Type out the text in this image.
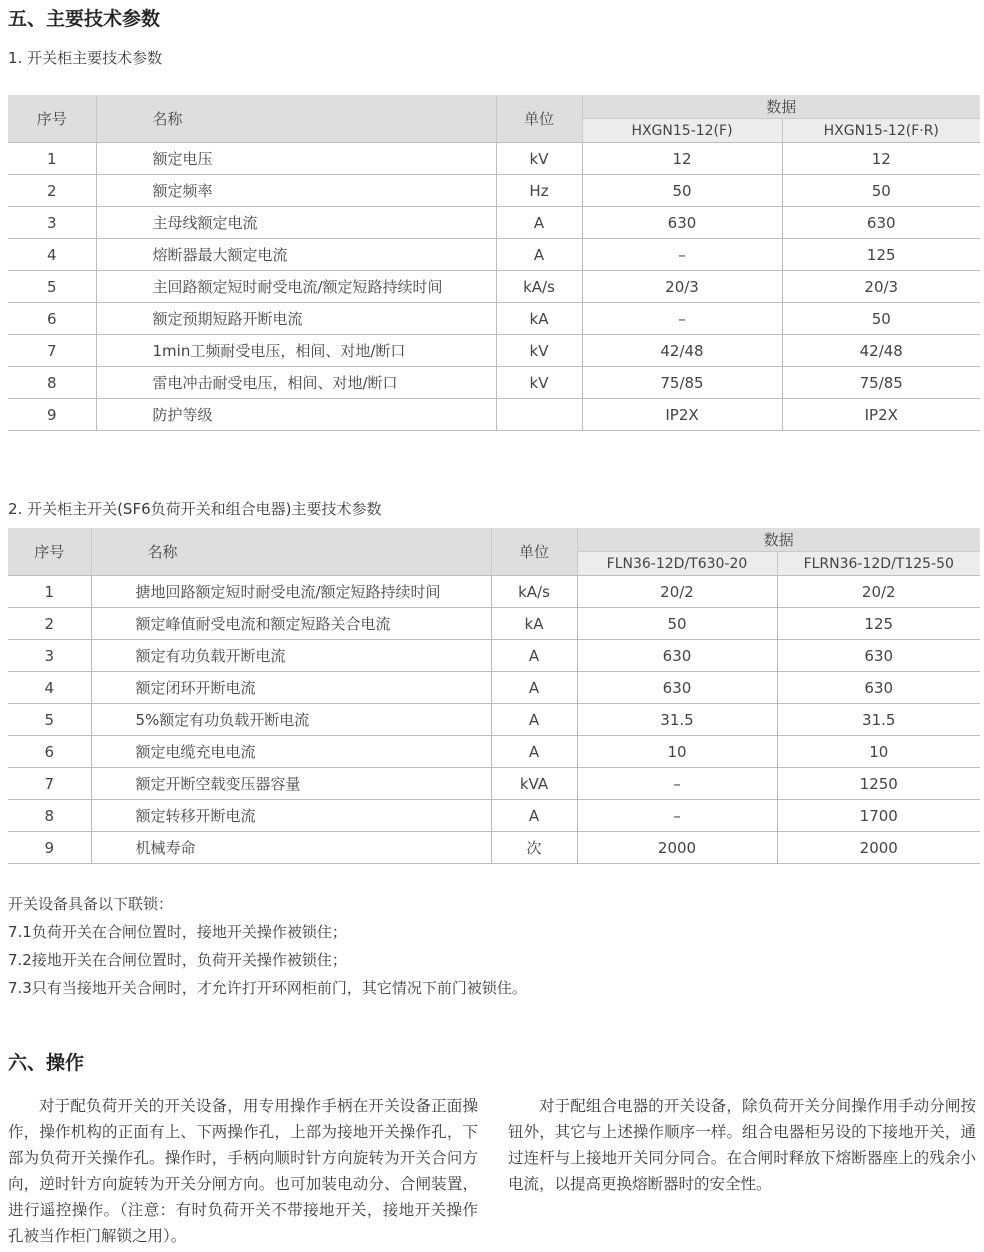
五、主要技术参数
1. 开关柜主要技术参数
序号	名称	单位	数据	
			HXGN15-12(F)	HXGN15-12(F·R)
1	额定电压	kV	12	12
2	额定频率	Hz	50	50
3	主母线额定电流	A	630	630
4	熔断器最大额定电流	A	–	125
5	主回路额定短时耐受电流/额定短路持续时间	kA/s	20/3	20/3
6	额定预期短路开断电流	kA	–	50
7	1min工频耐受电压，相间、对地/断口	kV	42/48	42/48
8	雷电冲击耐受电压，相间、对地/断口	kV	75/85	75/85
9	防护等级		IP2X	IP2X
2. 开关柜主开关(SF6负荷开关和组合电器)主要技术参数
序号	名称	单位	数据	
			FLN36-12D/T630-20	FLRN36-12D/T125-50
1	搪地回路额定短时耐受电流/额定短路持续时间	kA/s	20/2	20/2
2	额定峰值耐受电流和额定短路关合电流	kA	50	125
3	额定有功负载开断电流	A	630	630
4	额定闭环开断电流	A	630	630
5	5%额定有功负载开断电流	A	31.5	31.5
6	额定电缆充电电流	A	10	10
7	额定开断空载变压器容量	kVA	–	1250
8	额定转移开断电流	A	–	1700
9	机械寿命	次	2000	2000
开关设备具备以下联锁：
7.1负荷开关在合闸位置时，接地开关操作被锁住；
7.2接地开关在合闸位置时，负荷开关操作被锁住；
7.3只有当接地开关合闸时，才允许打开环网柜前门，其它情况下前门被锁住。
六、操作

对于配负荷开关的开关设备，用专用操作手柄在开关设备正面操作，操作机构的正面有上、下两操作孔，上部为接地开关操作孔，下部为负荷开关操作孔。操作时，手柄向顺时针方向旋转为开关合问方向，逆时针方向旋转为开关分闸方向。也可加装电动分、合闸装置，进行遥控操作。（注意：有时负荷开关不带接地开关，接地开关操作孔被当作柜门解锁之用）。

对于配组合电器的开关设备，除负荷开关分间操作用手动分闸按钮外，其它与上述操作顺序一样。组合电器柜另设的下接地开关，通过连杆与上接地开关同分同合。在合闸时释放下熔断器座上的残余小电流，以提高更换熔断器时的安全性。
